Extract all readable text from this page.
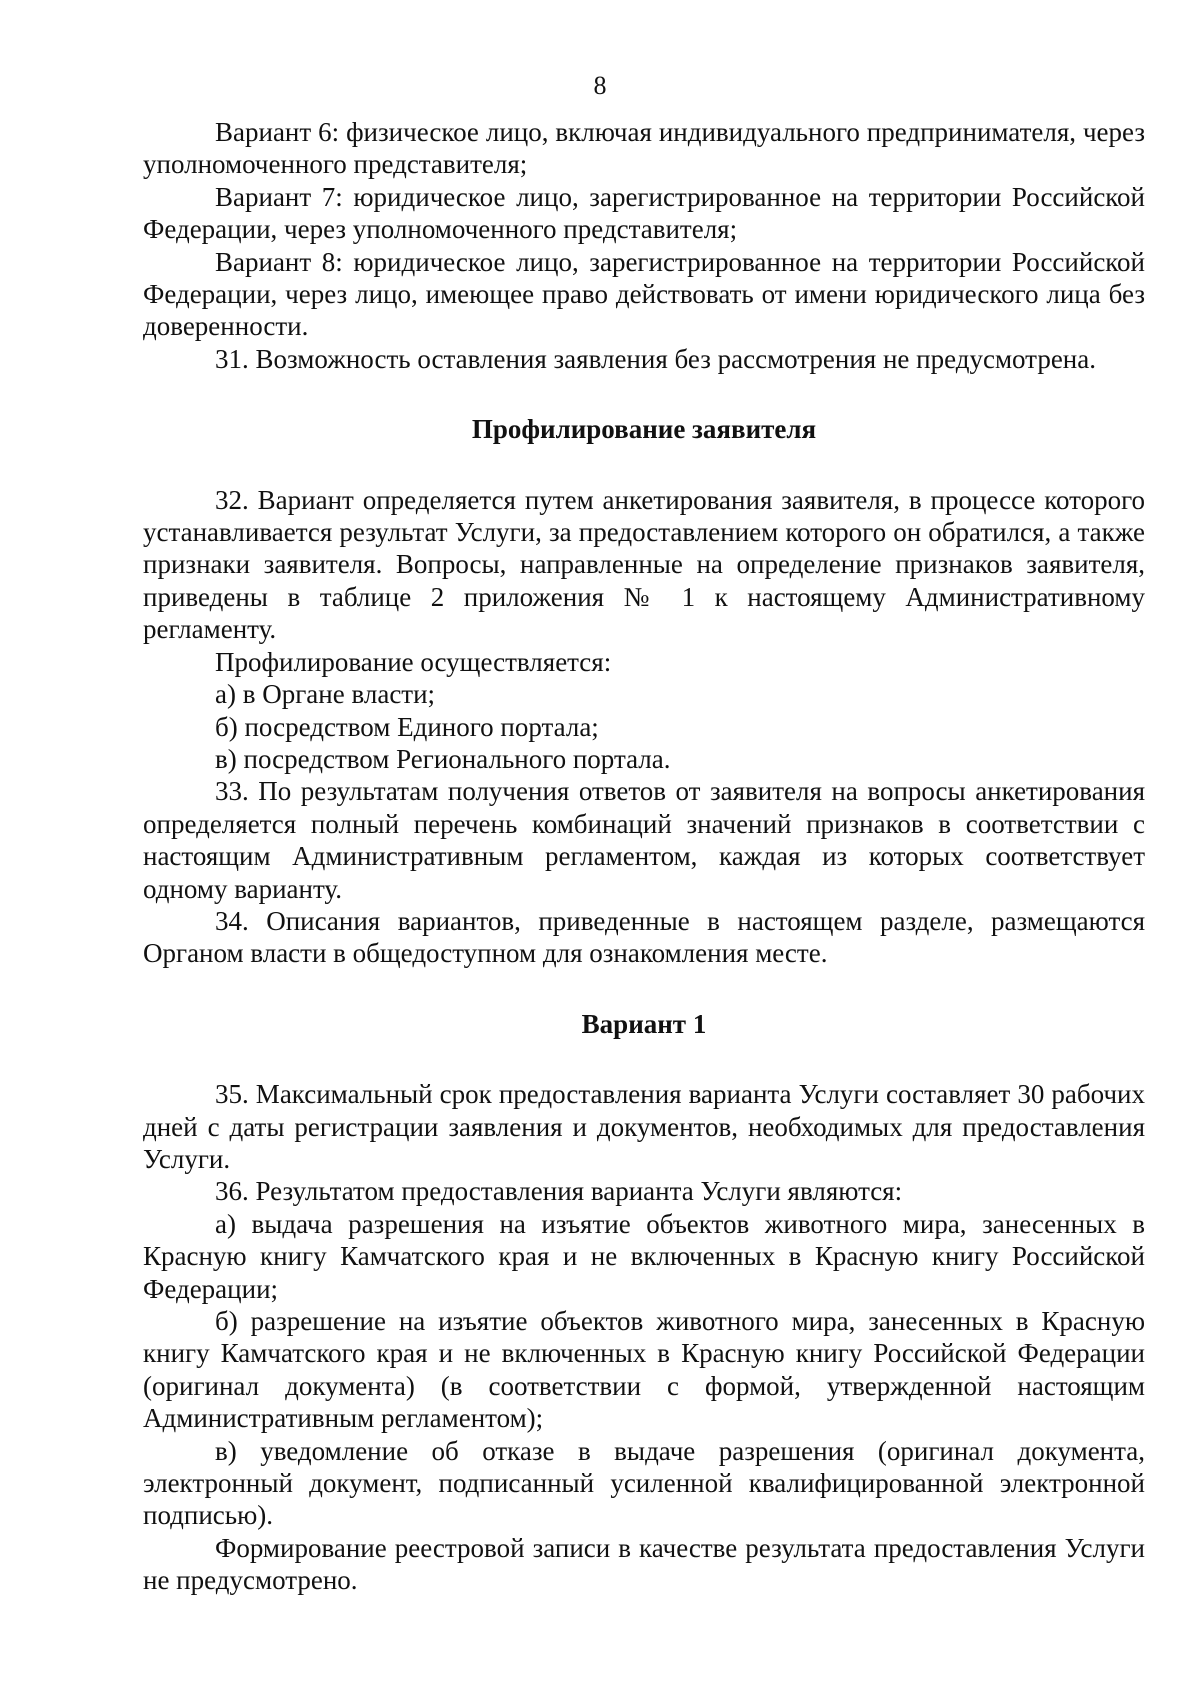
8

Вариант 6: физическое лицо, включая индивидуального предпринимателя, через уполномоченного представителя;

Вариант 7: юридическое лицо, зарегистрированное на территории Российской Федерации, через уполномоченного представителя;

Вариант 8: юридическое лицо, зарегистрированное на территории Российской Федерации, через лицо, имеющее право действовать от имени юридического лица без доверенности.

31. Возможность оставления заявления без рассмотрения не предусмотрена.

Профилирование заявителя

32. Вариант определяется путем анкетирования заявителя, в процессе которого устанавливается результат Услуги, за предоставлением которого он обратился, а также признаки заявителя. Вопросы, направленные на определение признаков заявителя, приведены в таблице 2 приложения № 1 к настоящему Административному регламенту.

Профилирование осуществляется:

а) в Органе власти;

б) посредством Единого портала;

в) посредством Регионального портала.

33. По результатам получения ответов от заявителя на вопросы анкетирования определяется полный перечень комбинаций значений признаков в соответствии с настоящим Административным регламентом, каждая из которых соответствует одному варианту.

34. Описания вариантов, приведенные в настоящем разделе, размещаются Органом власти в общедоступном для ознакомления месте.

Вариант 1

35. Максимальный срок предоставления варианта Услуги составляет 30 рабочих дней с даты регистрации заявления и документов, необходимых для предоставления Услуги.

36. Результатом предоставления варианта Услуги являются:

а) выдача разрешения на изъятие объектов животного мира, занесенных в Красную книгу Камчатского края и не включенных в Красную книгу Российской Федерации;

б) разрешение на изъятие объектов животного мира, занесенных в Красную книгу Камчатского края и не включенных в Красную книгу Российской Федерации (оригинал документа) (в соответствии с формой, утвержденной настоящим Административным регламентом);

в) уведомление об отказе в выдаче разрешения (оригинал документа, электронный документ, подписанный усиленной квалифицированной электронной подписью).

Формирование реестровой записи в качестве результата предоставления Услуги не предусмотрено.
